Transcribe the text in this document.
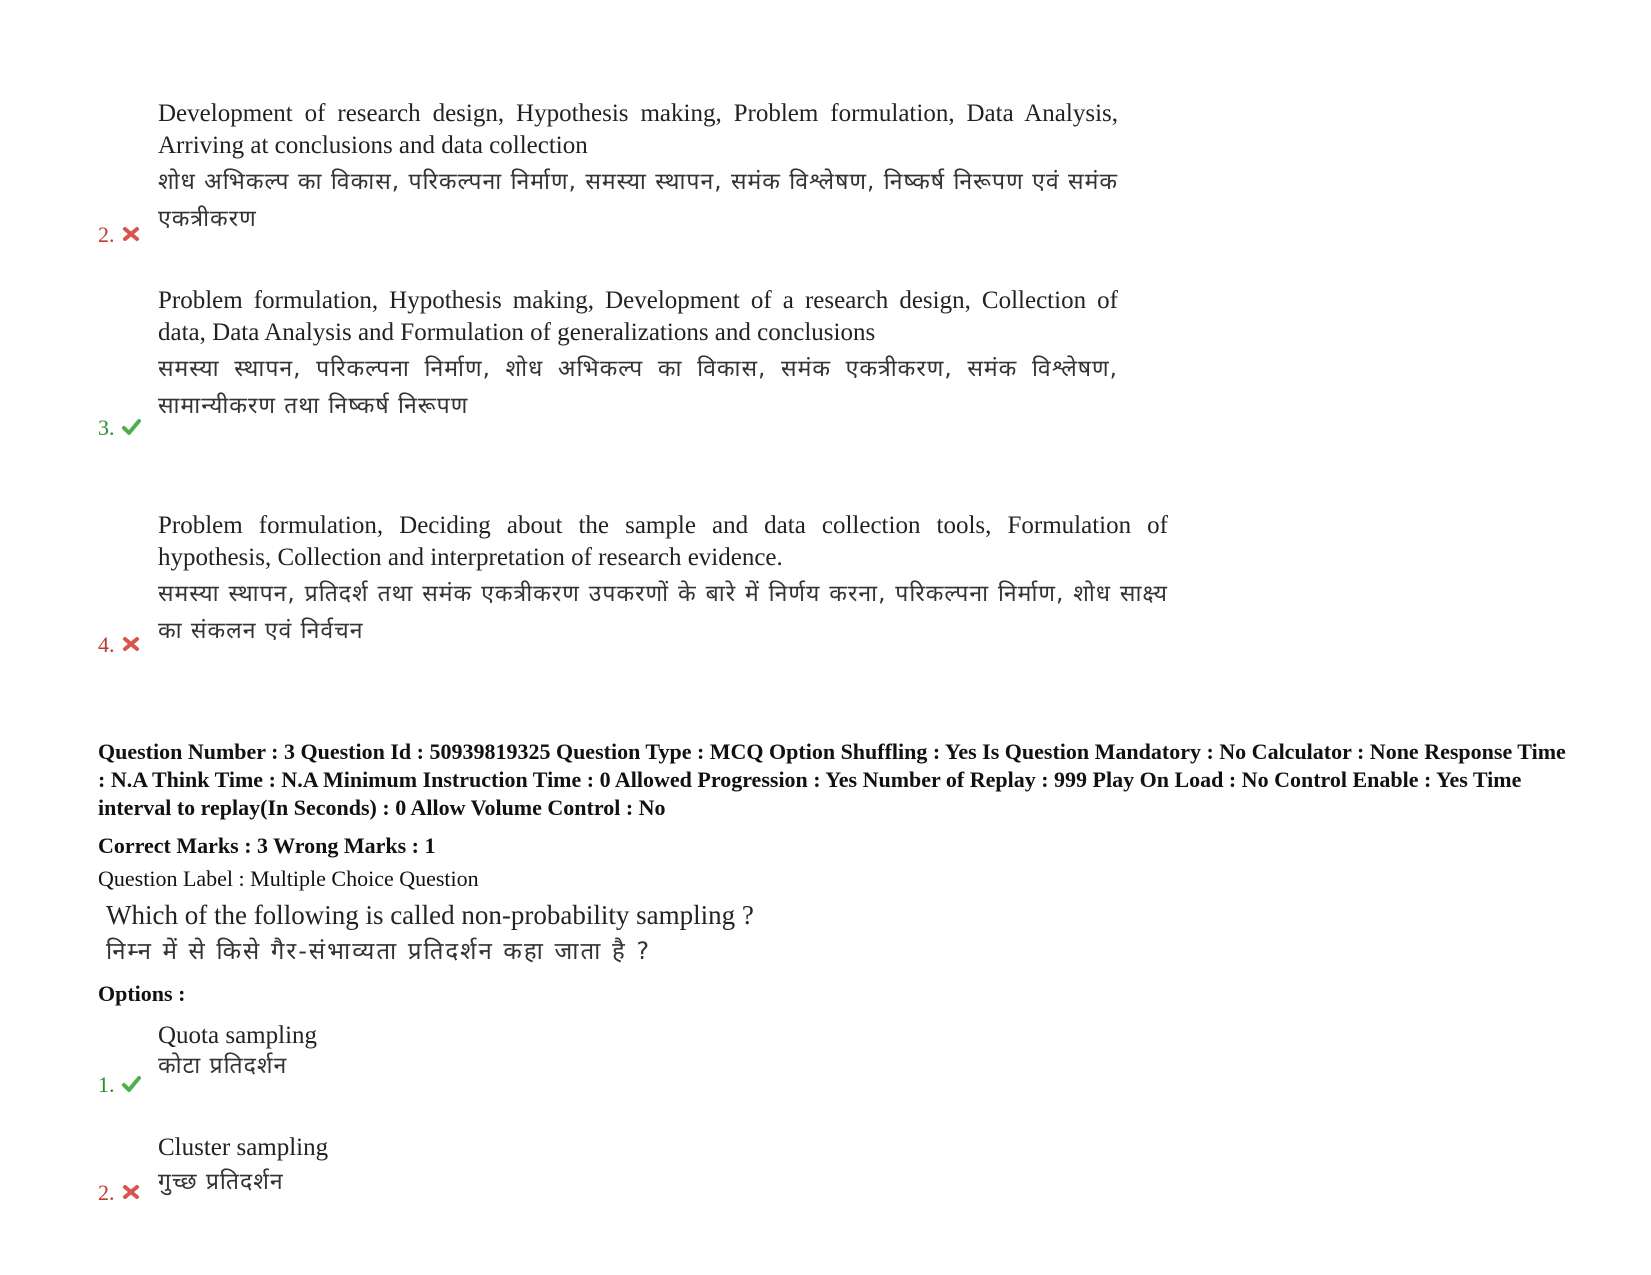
Development of research design, Hypothesis making, Problem formulation, Data Analysis, Arriving at conclusions and data collection
शोध अभिकल्प का विकास, परिकल्पना निर्माण, समस्या स्थापन, समंक विश्लेषण, निष्कर्ष निरूपण एवं समंक एकत्रीकरण
2.
Problem formulation, Hypothesis making, Development of a research design, Collection of data, Data Analysis and Formulation of generalizations and conclusions
समस्या स्थापन, परिकल्पना निर्माण, शोध अभिकल्प का विकास, समंक एकत्रीकरण, समंक विश्लेषण, सामान्यीकरण तथा निष्कर्ष निरूपण
3.
Problem formulation, Deciding about the sample and data collection tools, Formulation of hypothesis, Collection and interpretation of research evidence.
समस्या स्थापन, प्रतिदर्श तथा समंक एकत्रीकरण उपकरणों के बारे में निर्णय करना, परिकल्पना निर्माण, शोध साक्ष्य का संकलन एवं निर्वचन
4.
Question Number : 3 Question Id : 50939819325 Question Type : MCQ Option Shuffling : Yes Is Question Mandatory : No Calculator : None Response Time : N.A Think Time : N.A Minimum Instruction Time : 0 Allowed Progression : Yes Number of Replay : 999 Play On Load : No Control Enable : Yes Time interval to replay(In Seconds) : 0 Allow Volume Control : No
Correct Marks : 3 Wrong Marks : 1
Question Label : Multiple Choice Question
Which of the following is called non-probability sampling ?
निम्न में से किसे गैर-संभाव्यता प्रतिदर्शन कहा जाता है ?
Options :
Quota sampling
कोटा प्रतिदर्शन
1.
Cluster sampling
गुच्छ प्रतिदर्शन
2.
